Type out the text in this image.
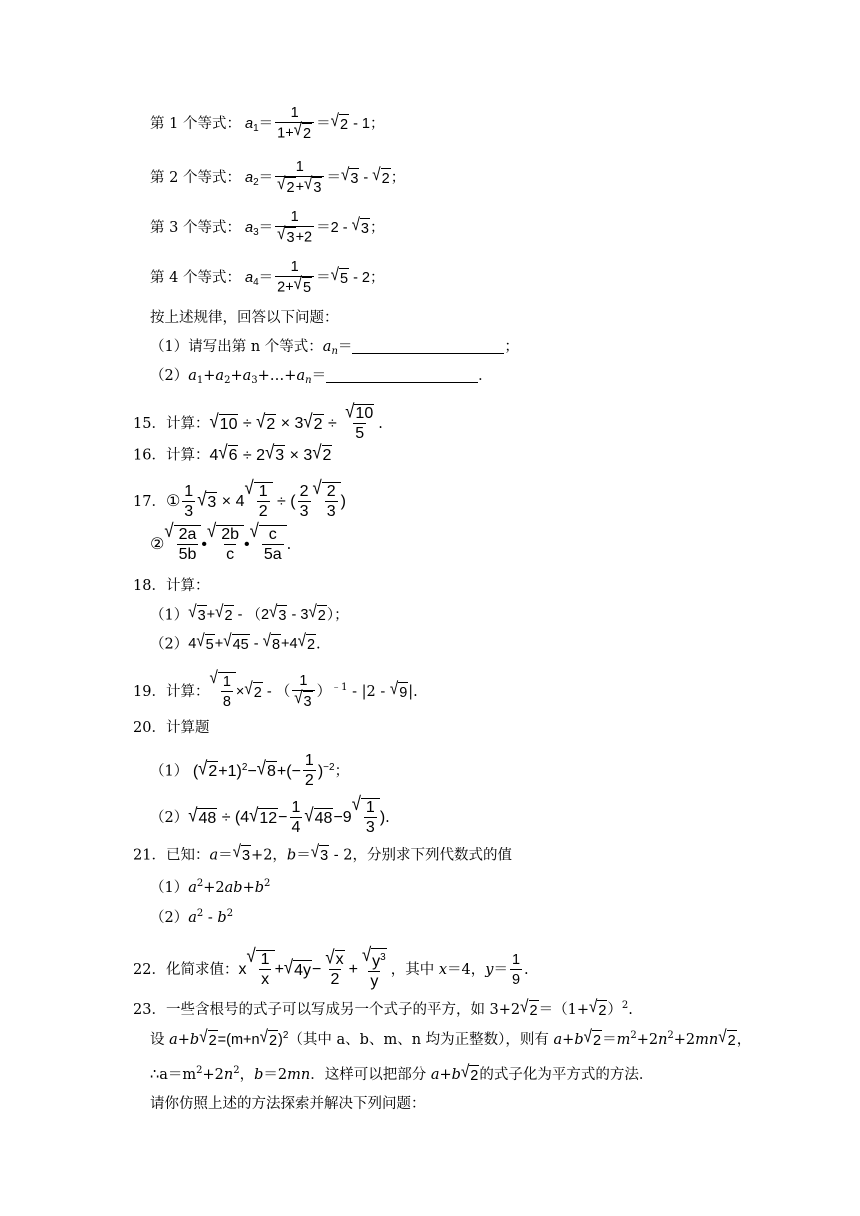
第 1 个等式： $a_1= \frac{1}{1+ √ 2}$ ＝ √ 2 - 1；
第 2 个等式： $a_2= \frac{1}{√ 2 + √ 3}$ ＝ √ 3 - √ 2 ；
第 3 个等式： $a_3= \frac{1}{√ 3 +2} =2$ - √ 3 ；
第 4 个等式： $a_4= \frac{1}{2+ √ 5}$ ＝ √ 5 - 2；
按上述规律，回答以下问题：
（1）请写出第 n 个等式：$a_n=$	；
$(2)a_1+a_2+a_3+\dots+a_n=$	．
15．计算： √ 10 ÷ √ 2 × 3 √ $2 \div \frac{√ 10}{5}$ .
16．计算：4 √ 6 ÷ 2 √ 3 × 3 √ 2
17．① $\frac{1}{3}$ √ 3 × 4
√ $\frac{1}{2}$ ÷ ( $\frac{2}{3}$ √ $\frac{2}{3}$ )
②
√ $\frac{2a}{5b}$ •
√ $\frac{2b}{c}$ •
√ $\frac{c}{5a}$ .
18．计算：
（1） √ 3 + √ 2 - （2 √ 3 - 3 √ 2 ）；
（2）4 √ 5 + √ 45 - √ 8 +4 √ 2 .
19．计算：
√ $\frac{1}{8}$ × √ 2 - （ $\frac{1}{√ 3} )^{﹣1} - |2$ - √ 9 |.
20．计算题
（1） ( √ 2 +1)$^2$− √ 8 +(− $\frac{1}{2} )^{-2}$；
（2） √ 48 ÷ (4 √ $12 - \frac{1}{4}$ √ 48 −9
√ $\frac{1}{3}$ ).
21．已知：a＝ √ 3 +2，b＝ √ 3 - 2，分别求下列代数式的值
$(1)a^2+2ab+b^2$
$(2)a^2 - b^2$
22．化简求值：x
√ $\frac{1}{x}$ + √ $4y - \frac{√ x}{2} + \frac{√ y^3}{y}$ ，其中 x＝4，$y= \frac{1}{9}$ .
23．一些含根号的式子可以写成另一个式子的平方，如 3+2 √ 2 ＝（1+ √ 2 ）$^2$.
设 a+b √ 2 =(m+n √ 2 )$^2$（其中 a、b、m、n 均为正整数），则有 a+b √ $2 =m^2+2n^2+2mn$ √ 2 ，
$\therefore a=m^2+2n^2$，b＝2mn．这样可以把部分 a+b √ 2 的式子化为平方式的方法．
请你仿照上述的方法探索并解决下列问题：
